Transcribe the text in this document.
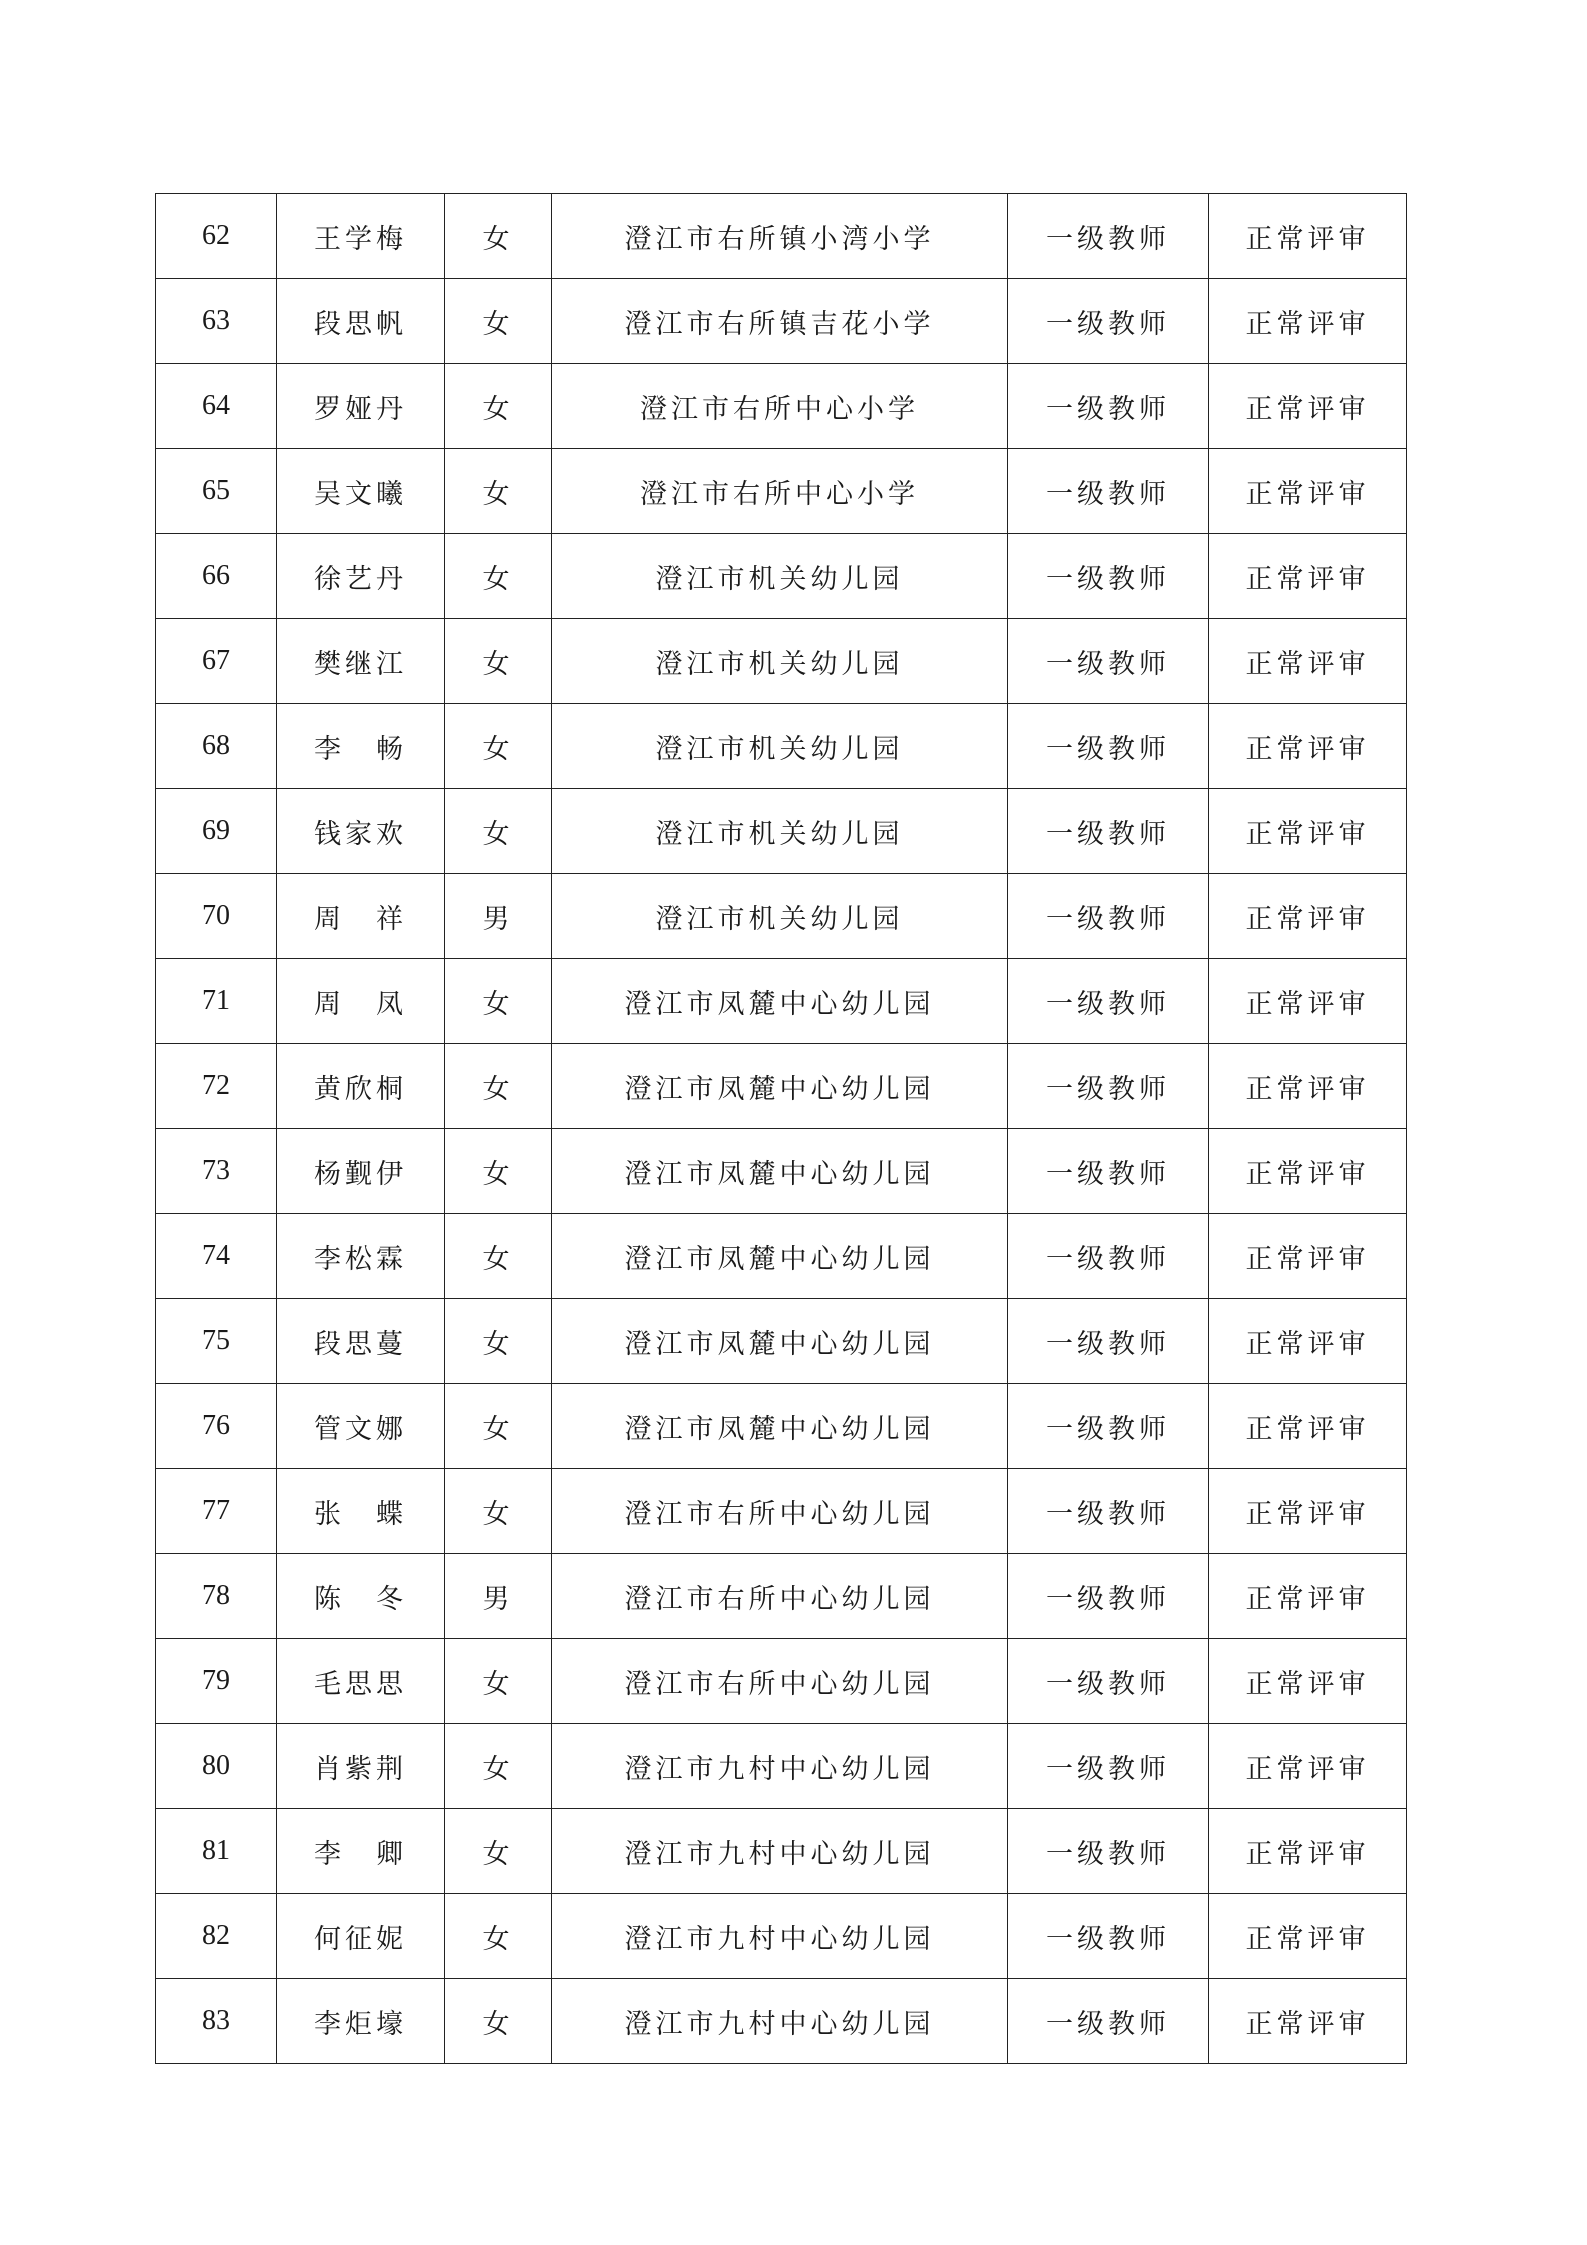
62	王学梅	女	澄江市右所镇小湾小学	一级教师	正常评审
63	段思帆	女	澄江市右所镇吉花小学	一级教师	正常评审
64	罗娅丹	女	澄江市右所中心小学	一级教师	正常评审
65	吴文曦	女	澄江市右所中心小学	一级教师	正常评审
66	徐艺丹	女	澄江市机关幼儿园	一级教师	正常评审
67	樊继江	女	澄江市机关幼儿园	一级教师	正常评审
68	李　畅	女	澄江市机关幼儿园	一级教师	正常评审
69	钱家欢	女	澄江市机关幼儿园	一级教师	正常评审
70	周　祥	男	澄江市机关幼儿园	一级教师	正常评审
71	周　凤	女	澄江市凤麓中心幼儿园	一级教师	正常评审
72	黄欣桐	女	澄江市凤麓中心幼儿园	一级教师	正常评审
73	杨觐伊	女	澄江市凤麓中心幼儿园	一级教师	正常评审
74	李松霖	女	澄江市凤麓中心幼儿园	一级教师	正常评审
75	段思蔓	女	澄江市凤麓中心幼儿园	一级教师	正常评审
76	管文娜	女	澄江市凤麓中心幼儿园	一级教师	正常评审
77	张　蝶	女	澄江市右所中心幼儿园	一级教师	正常评审
78	陈　冬	男	澄江市右所中心幼儿园	一级教师	正常评审
79	毛思思	女	澄江市右所中心幼儿园	一级教师	正常评审
80	肖紫荆	女	澄江市九村中心幼儿园	一级教师	正常评审
81	李　卿	女	澄江市九村中心幼儿园	一级教师	正常评审
82	何征妮	女	澄江市九村中心幼儿园	一级教师	正常评审
83	李炬壕	女	澄江市九村中心幼儿园	一级教师	正常评审
